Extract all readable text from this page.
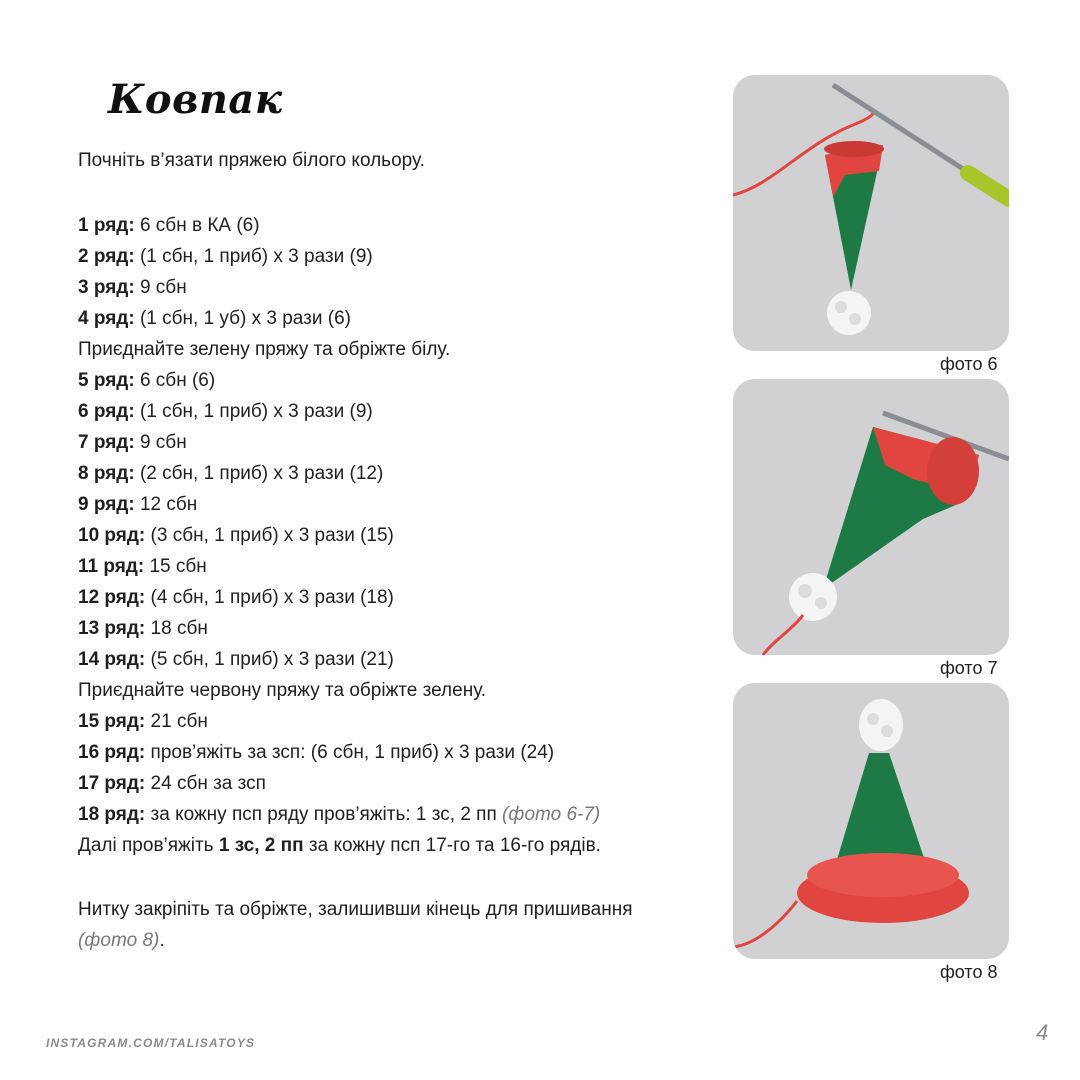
Ковпак
Почніть в’язати пряжею білого кольору.
1 ряд: 6 сбн в КА (6)
2 ряд: (1 сбн, 1 приб) х 3 рази (9)
3 ряд: 9 сбн
4 ряд: (1 сбн, 1 уб) х 3 рази (6)
Приєднайте зелену пряжу та обріжте білу.
5 ряд: 6 сбн (6)
6 ряд: (1 сбн, 1 приб) х 3 рази (9)
7 ряд: 9 сбн
8 ряд: (2 сбн, 1 приб) х 3 рази (12)
9 ряд: 12 сбн
10 ряд: (3 сбн, 1 приб) х 3 рази (15)
11 ряд: 15 сбн
12 ряд: (4 сбн, 1 приб) х 3 рази (18)
13 ряд: 18 сбн
14 ряд: (5 сбн, 1 приб) х 3 рази (21)
Приєднайте червону пряжу та обріжте зелену.
15 ряд: 21 сбн
16 ряд: пров’яжіть за зсп: (6 сбн, 1 приб) х 3 рази (24)
17 ряд: 24 сбн за зсп
18 ряд: за кожну псп ряду пров’яжіть: 1 зс, 2 пп (фото 6-7)
Далі пров’яжіть 1 зс, 2 пп за кожну псп 17-го та 16-го рядів.
Нитку закріпіть та обріжте, залишивши кінець для пришивання
(фото 8).
фото 6
фото 7
фото 8
INSTAGRAM.COM/TALISATOYS	4
